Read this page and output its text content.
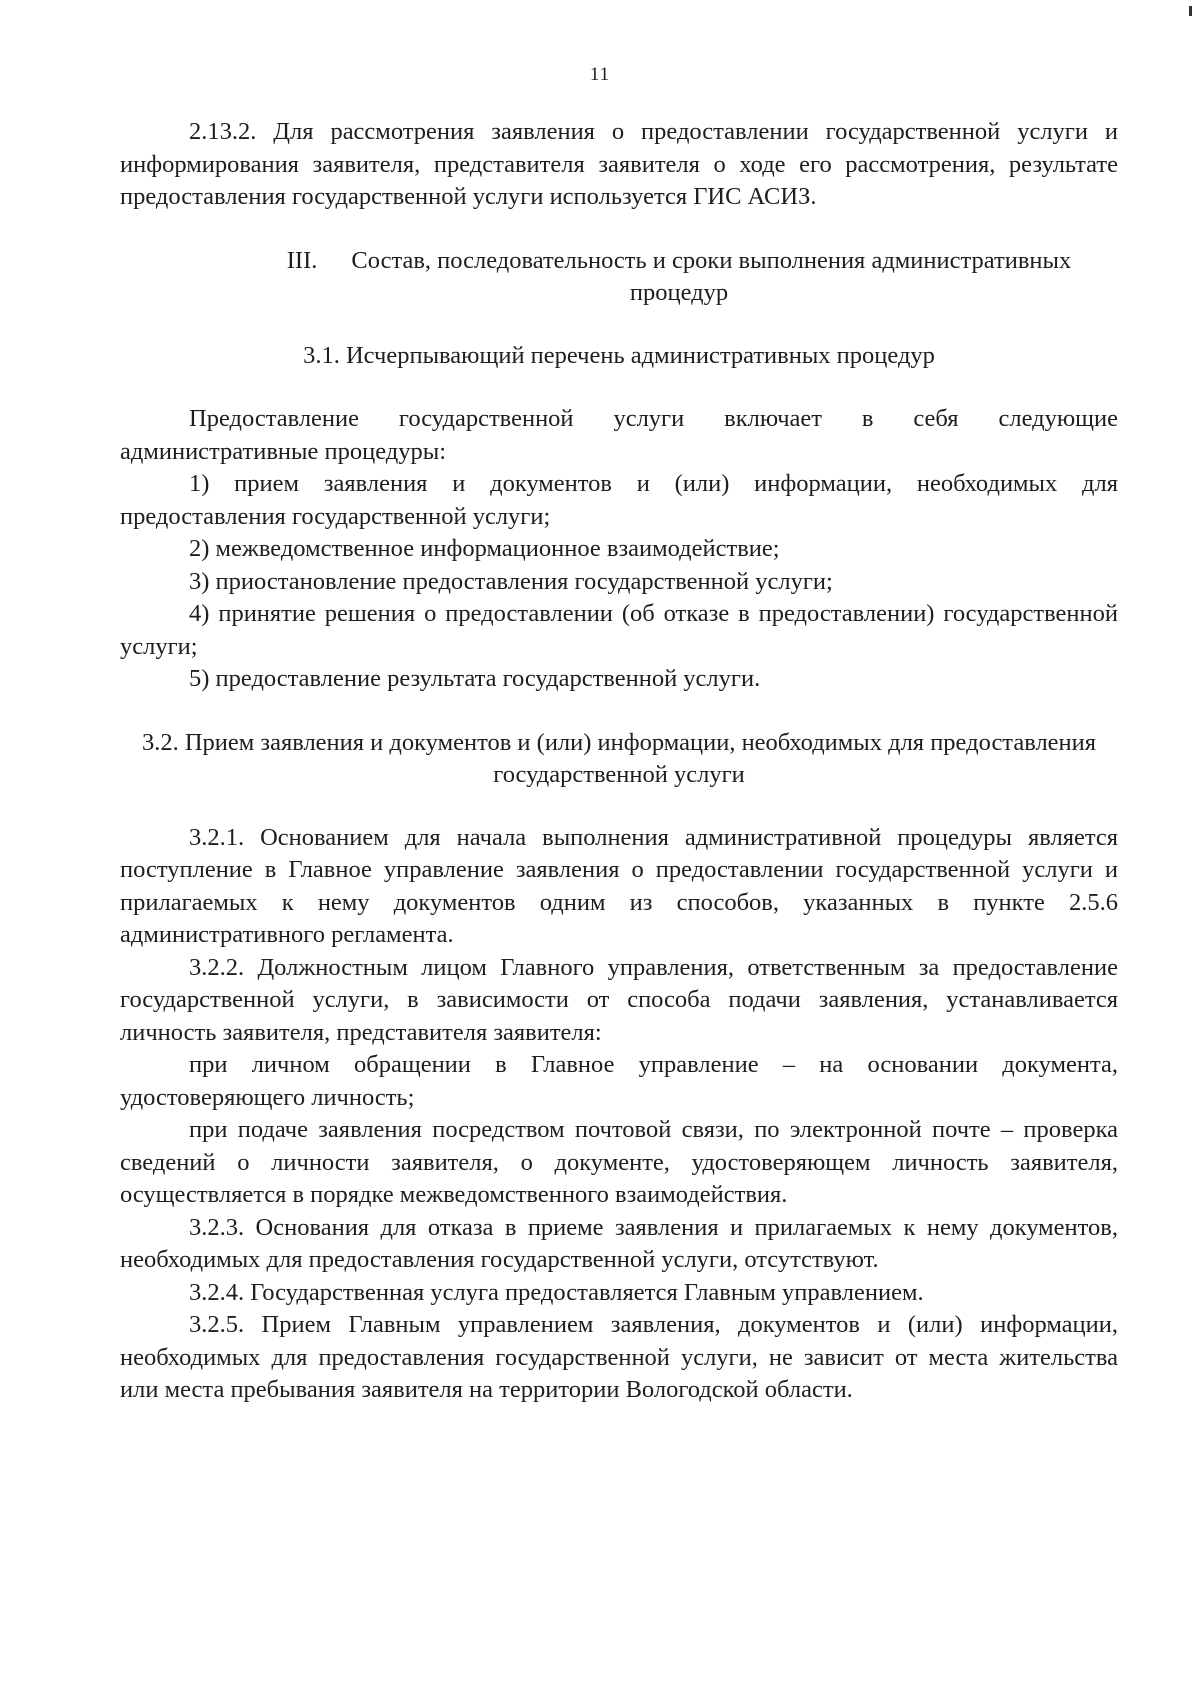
11

2.13.2. Для рассмотрения заявления о предоставлении государственной услуги и информирования заявителя, представителя заявителя о ходе его рассмотрения, результате предоставления государственной услуги используется ГИС АСИЗ.

III. Состав, последовательность и сроки выполнения административных процедур
3.1. Исчерпывающий перечень административных процедур

Предоставление государственной услуги включает в себя следующие административные процедуры:

1) прием заявления и документов и (или) информации, необходимых для предоставления государственной услуги;

2) межведомственное информационное взаимодействие;

3) приостановление предоставления государственной услуги;

4) принятие решения о предоставлении (об отказе в предоставлении) государственной услуги;

5) предоставление результата государственной услуги.

3.2. Прием заявления и документов и (или) информации, необходимых для предоставления государственной услуги

3.2.1. Основанием для начала выполнения административной процедуры является поступление в Главное управление заявления о предоставлении государственной услуги и прилагаемых к нему документов одним из способов, указанных в пункте 2.5.6 административного регламента.

3.2.2. Должностным лицом Главного управления, ответственным за предоставление государственной услуги, в зависимости от способа подачи заявления, устанавливается личность заявителя, представителя заявителя:

при личном обращении в Главное управление – на основании документа, удостоверяющего личность;

при подаче заявления посредством почтовой связи, по электронной почте – проверка сведений о личности заявителя, о документе, удостоверяющем личность заявителя, осуществляется в порядке межведомственного взаимодействия.

3.2.3. Основания для отказа в приеме заявления и прилагаемых к нему документов, необходимых для предоставления государственной услуги, отсутствуют.

3.2.4. Государственная услуга предоставляется Главным управлением.

3.2.5. Прием Главным управлением заявления, документов и (или) информации, необходимых для предоставления государственной услуги, не зависит от места жительства или места пребывания заявителя на территории Вологодской области.
